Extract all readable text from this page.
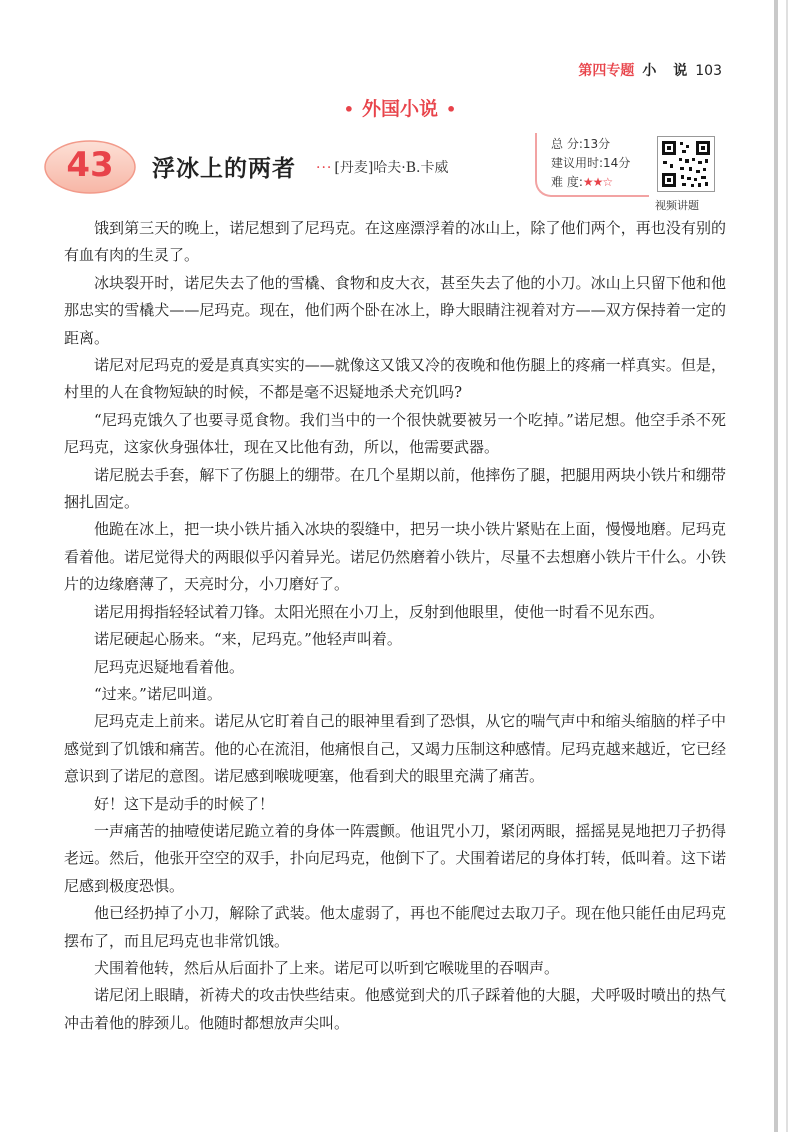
第四专题 小 说 103
• 外国小说 •
43	浮冰上的两者 ··· [丹麦]哈夫·B.卡威
总 分:13分
建议用时:14分
难 度:★★☆
视频讲题

饿到第三天的晚上，诺尼想到了尼玛克。在这座漂浮着的冰山上，除了他们两个，再也没有别的有血有肉的生灵了。

冰块裂开时，诺尼失去了他的雪橇、食物和皮大衣，甚至失去了他的小刀。冰山上只留下他和他那忠实的雪橇犬——尼玛克。现在，他们两个卧在冰上，睁大眼睛注视着对方——双方保持着一定的距离。

诺尼对尼玛克的爱是真真实实的——就像这又饿又冷的夜晚和他伤腿上的疼痛一样真实。但是，村里的人在食物短缺的时候，不都是毫不迟疑地杀犬充饥吗?

“尼玛克饿久了也要寻觅食物。我们当中的一个很快就要被另一个吃掉。”诺尼想。他空手杀不死尼玛克，这家伙身强体壮，现在又比他有劲，所以，他需要武器。

诺尼脱去手套，解下了伤腿上的绷带。在几个星期以前，他摔伤了腿，把腿用两块小铁片和绷带捆扎固定。

他跪在冰上，把一块小铁片插入冰块的裂缝中，把另一块小铁片紧贴在上面，慢慢地磨。尼玛克看着他。诺尼觉得犬的两眼似乎闪着异光。诺尼仍然磨着小铁片，尽量不去想磨小铁片干什么。小铁片的边缘磨薄了，天亮时分，小刀磨好了。

诺尼用拇指轻轻试着刀锋。太阳光照在小刀上，反射到他眼里，使他一时看不见东西。

诺尼硬起心肠来。“来，尼玛克。”他轻声叫着。

尼玛克迟疑地看着他。

“过来。”诺尼叫道。

尼玛克走上前来。诺尼从它盯着自己的眼神里看到了恐惧，从它的喘气声中和缩头缩脑的样子中感觉到了饥饿和痛苦。他的心在流泪，他痛恨自己，又竭力压制这种感情。尼玛克越来越近，它已经意识到了诺尼的意图。诺尼感到喉咙哽塞，他看到犬的眼里充满了痛苦。

好！这下是动手的时候了！

一声痛苦的抽噎使诺尼跪立着的身体一阵震颤。他诅咒小刀，紧闭两眼，摇摇晃晃地把刀子扔得老远。然后，他张开空空的双手，扑向尼玛克，他倒下了。犬围着诺尼的身体打转，低叫着。这下诺尼感到极度恐惧。

他已经扔掉了小刀，解除了武装。他太虚弱了，再也不能爬过去取刀子。现在他只能任由尼玛克摆布了，而且尼玛克也非常饥饿。

犬围着他转，然后从后面扑了上来。诺尼可以听到它喉咙里的吞咽声。

诺尼闭上眼睛，祈祷犬的攻击快些结束。他感觉到犬的爪子踩着他的大腿，犬呼吸时喷出的热气冲击着他的脖颈儿。他随时都想放声尖叫。
